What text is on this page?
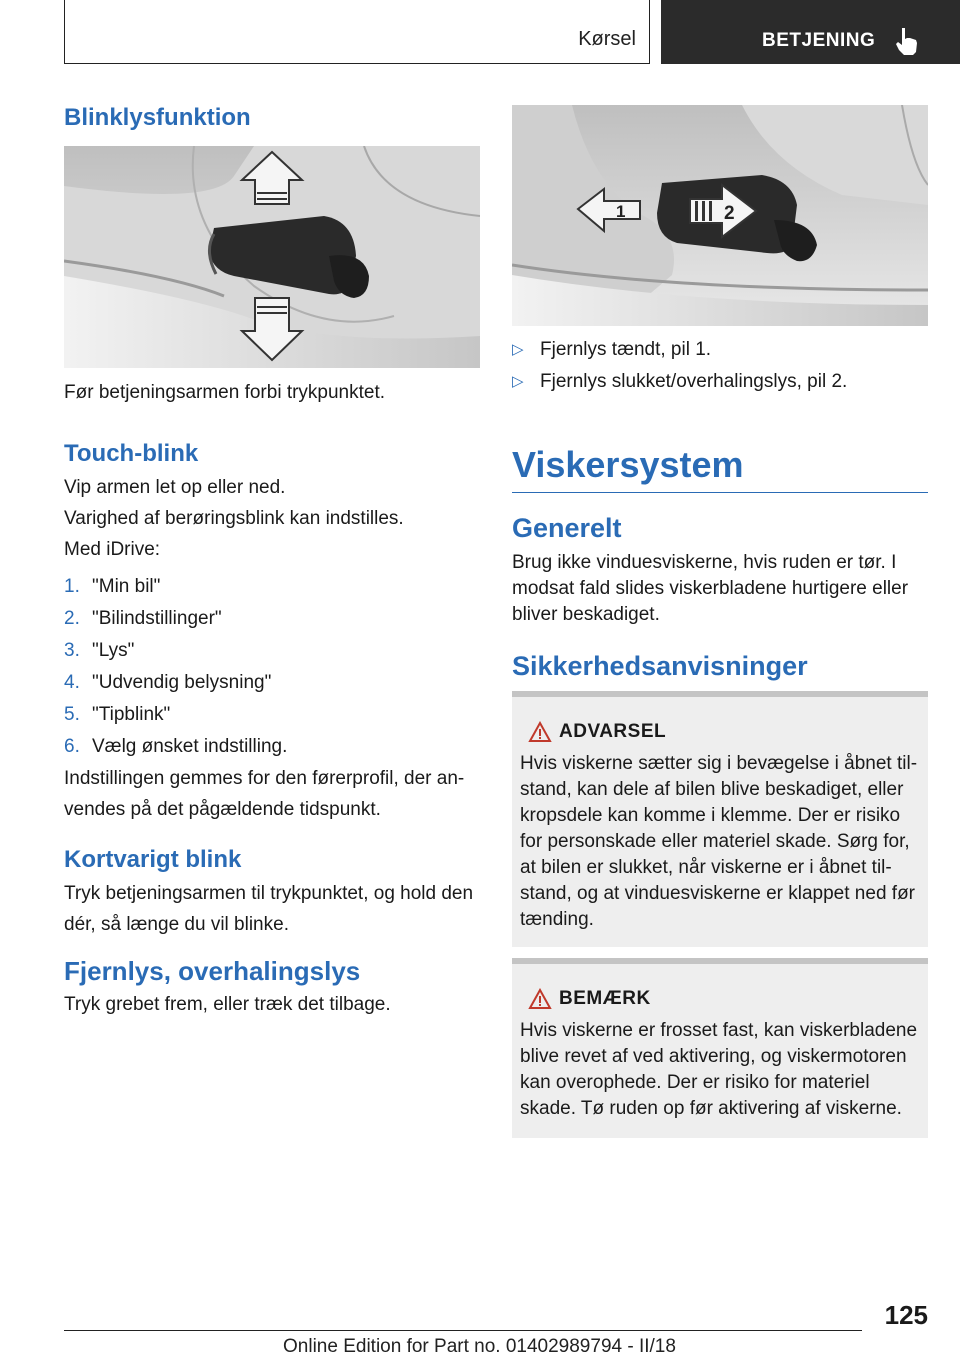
Kørsel	BETJENING
Blinklysfunktion

Før betjeningsarmen forbi trykpunktet.

Touch-blink

Vip armen let op eller ned.

Varighed af berøringsblink kan indstilles.

Med iDrive:

1. "Min bil"
2. "Bilindstillinger"
3. "Lys"
4. "Udvendig belysning"
5. "Tipblink"
6. Vælg ønsket indstilling.

Indstillingen gemmes for den førerprofil, der an-vendes på det pågældende tidspunkt.

Kortvarigt blink

Tryk betjeningsarmen til trykpunktet, og hold den dér, så længe du vil blinke.

Fjernlys, overhalingslys

Tryk grebet frem, eller træk det tilbage.

1	2
▷ Fjernlys tændt, pil 1.
▷ Fjernlys slukket/overhalingslys, pil 2.
Viskersystem
Generelt

Brug ikke vinduesviskerne, hvis ruden er tør. I modsat fald slides viskerbladene hurtigere eller bliver beskadiget.

Sikkerhedsanvisninger
ADVARSEL
Hvis viskerne sætter sig i bevægelse i åbnet til-stand, kan dele af bilen blive beskadiget, eller kropsdele kan komme i klemme. Der er risiko for personskade eller materiel skade. Sørg for, at bilen er slukket, når viskerne er i åbnet til-stand, og at vinduesviskerne er klappet ned før tænding.
BEMÆRK
Hvis viskerne er frosset fast, kan viskerbladene blive revet af ved aktivering, og viskermotoren kan overophede. Der er risiko for materiel skade. Tø ruden op før aktivering af viskerne.
125
Online Edition for Part no. 01402989794 - II/18
